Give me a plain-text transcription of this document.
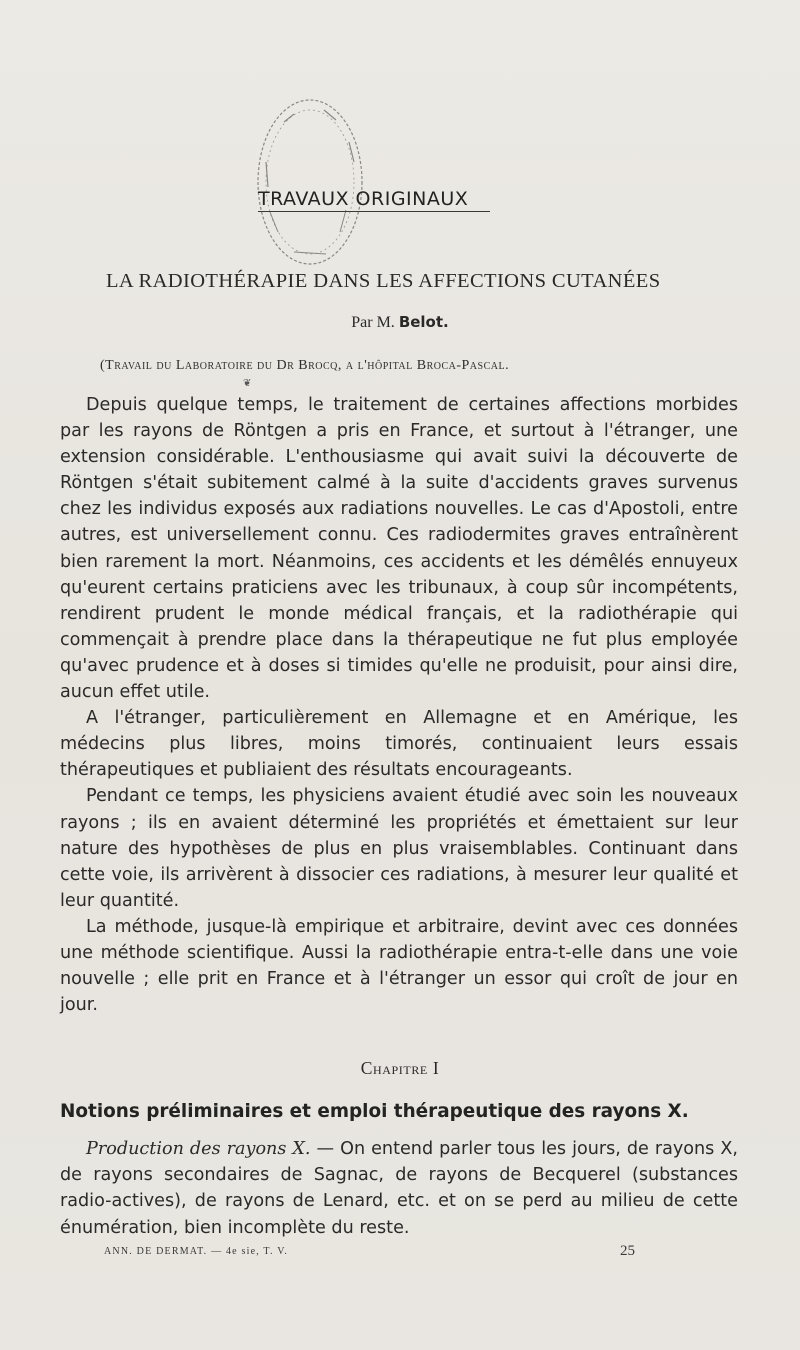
TRAVAUX ORIGINAUX
LA RADIOTHÉRAPIE DANS LES AFFECTIONS CUTANÉES
Par M. Belot.
(Travail du Laboratoire du Dr Brocq, a l'hôpital Broca-Pascal.
❦

Depuis quelque temps, le traitement de certaines affections morbides par les rayons de Röntgen a pris en France, et surtout à l'étranger, une extension considérable. L'enthousiasme qui avait suivi la découverte de Röntgen s'était subitement calmé à la suite d'accidents graves survenus chez les individus exposés aux radiations nouvelles. Le cas d'Apostoli, entre autres, est universellement connu. Ces radiodermites graves entraînèrent bien rarement la mort. Néanmoins, ces accidents et les démêlés ennuyeux qu'eurent certains praticiens avec les tribunaux, à coup sûr incompétents, rendirent prudent le monde médical français, et la radiothérapie qui commençait à prendre place dans la thérapeutique ne fut plus employée qu'avec prudence et à doses si timides qu'elle ne produisit, pour ainsi dire, aucun effet utile.

A l'étranger, particulièrement en Allemagne et en Amérique, les médecins plus libres, moins timorés, continuaient leurs essais thérapeutiques et publiaient des résultats encourageants.

Pendant ce temps, les physiciens avaient étudié avec soin les nouveaux rayons ; ils en avaient déterminé les propriétés et émettaient sur leur nature des hypothèses de plus en plus vraisemblables. Continuant dans cette voie, ils arrivèrent à dissocier ces radiations, à mesurer leur qualité et leur quantité.

La méthode, jusque-là empirique et arbitraire, devint avec ces données une méthode scientifique. Aussi la radiothérapie entra-t-elle dans une voie nouvelle ; elle prit en France et à l'étranger un essor qui croît de jour en jour.

Chapitre I
Notions préliminaires et emploi thérapeutique des rayons X.

Production des rayons X. — On entend parler tous les jours, de rayons X, de rayons secondaires de Sagnac, de rayons de Becquerel (substances radio-actives), de rayons de Lenard, etc. et on se perd au milieu de cette énumération, bien incomplète du reste.

ANN. DE DERMAT. — 4e sie, T. V.	25
